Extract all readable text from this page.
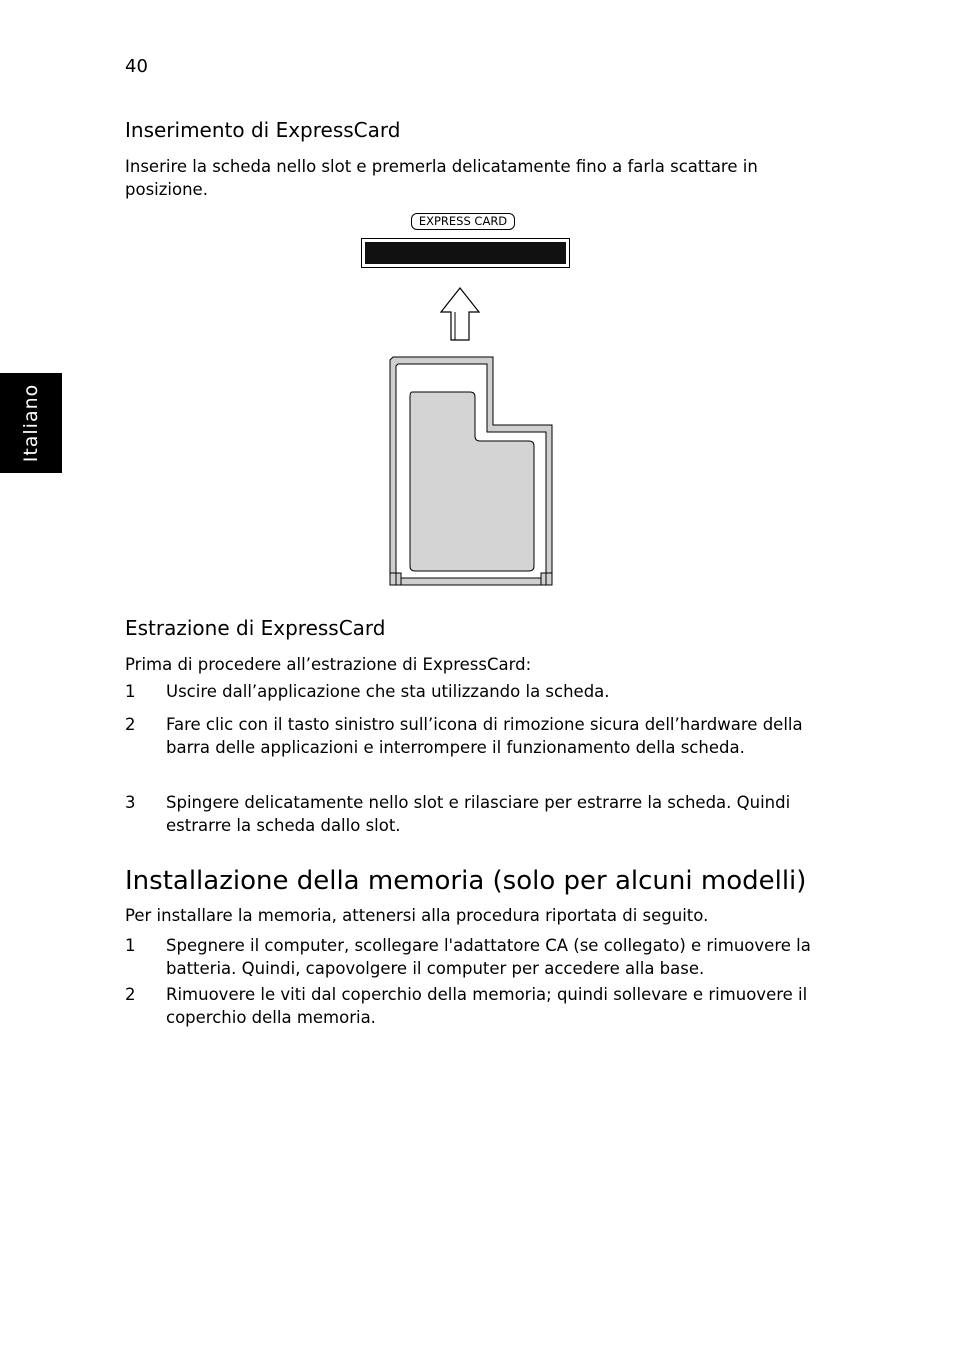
40
Italiano
Inserimento di ExpressCard
Inserire la scheda nello slot e premerla delicatamente fino a farla scattare in posizione.
Estrazione di ExpressCard
Prima di procedere all’estrazione di ExpressCard:
1	Uscire dall’applicazione che sta utilizzando la scheda.
2	Fare clic con il tasto sinistro sull’icona di rimozione sicura dell’hardware della barra delle applicazioni e interrompere il funzionamento della scheda.
3	Spingere delicatamente nello slot e rilasciare per estrarre la scheda. Quindi estrarre la scheda dallo slot.
Installazione della memoria (solo per alcuni modelli)
Per installare la memoria, attenersi alla procedura riportata di seguito.
1	Spegnere il computer, scollegare l'adattatore CA (se collegato) e rimuovere la batteria. Quindi, capovolgere il computer per accedere alla base.
2	Rimuovere le viti dal coperchio della memoria; quindi sollevare e rimuovere il coperchio della memoria.
EXPRESS CARD
